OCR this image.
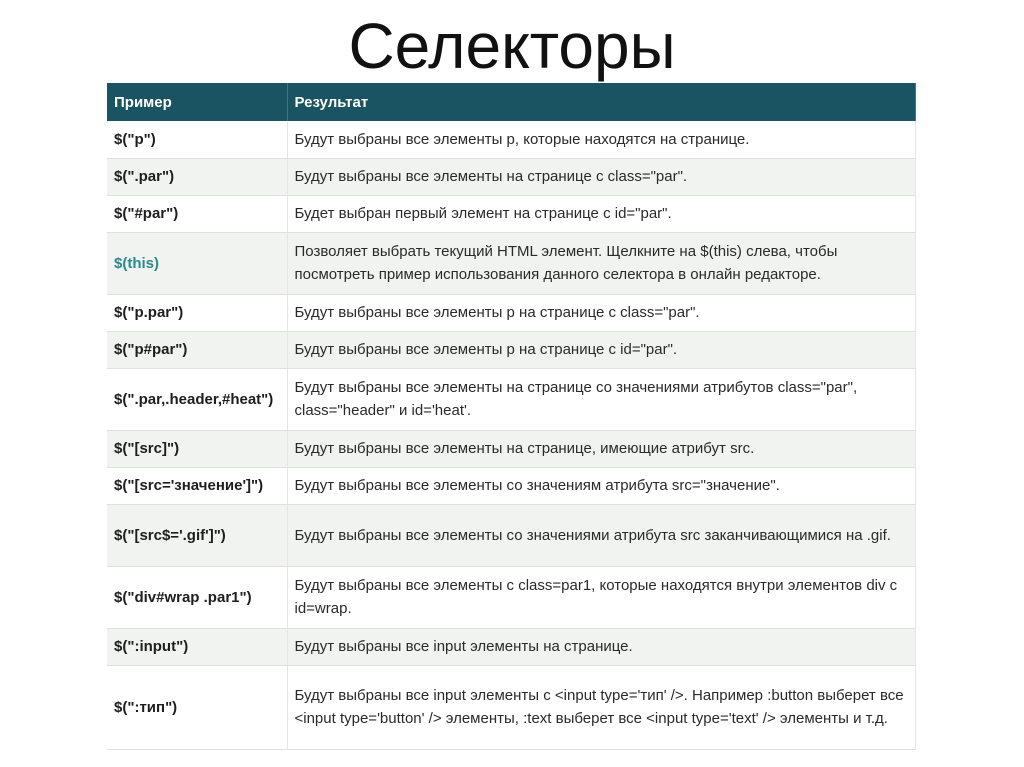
Селекторы
Пример	Результат
$("p")	Будут выбраны все элементы p, которые находятся на странице.
$(".par")	Будут выбраны все элементы на странице с class="par".
$("#par")	Будет выбран первый элемент на странице с id="par".
$(this)	Позволяет выбрать текущий HTML элемент. Щелкните на $(this) слева, чтобы посмотреть пример использования данного селектора в онлайн редакторе.
$("p.par")	Будут выбраны все элементы p на странице с class="par".
$("p#par")	Будут выбраны все элементы p на странице с id="par".
$(".par,.header,#heat")	Будут выбраны все элементы на странице со значениями атрибутов class="par", class="header" и id='heat'.
$("[src]")	Будут выбраны все элементы на странице, имеющие атрибут src.
$("[src='значение']")	Будут выбраны все элементы со значениям атрибута src="значение".
$("[src$='.gif']")	Будут выбраны все элементы со значениями атрибута src заканчивающимися на .gif.
$("div#wrap .par1")	Будут выбраны все элементы с class=par1, которые находятся внутри элементов div с id=wrap.
$(":input")	Будут выбраны все input элементы на странице.
$(":тип")	Будут выбраны все input элементы с <input type='тип' />. Например :button выберет все <input type='button' /> элементы, :text выберет все <input type='text' /> элементы и т.д.
